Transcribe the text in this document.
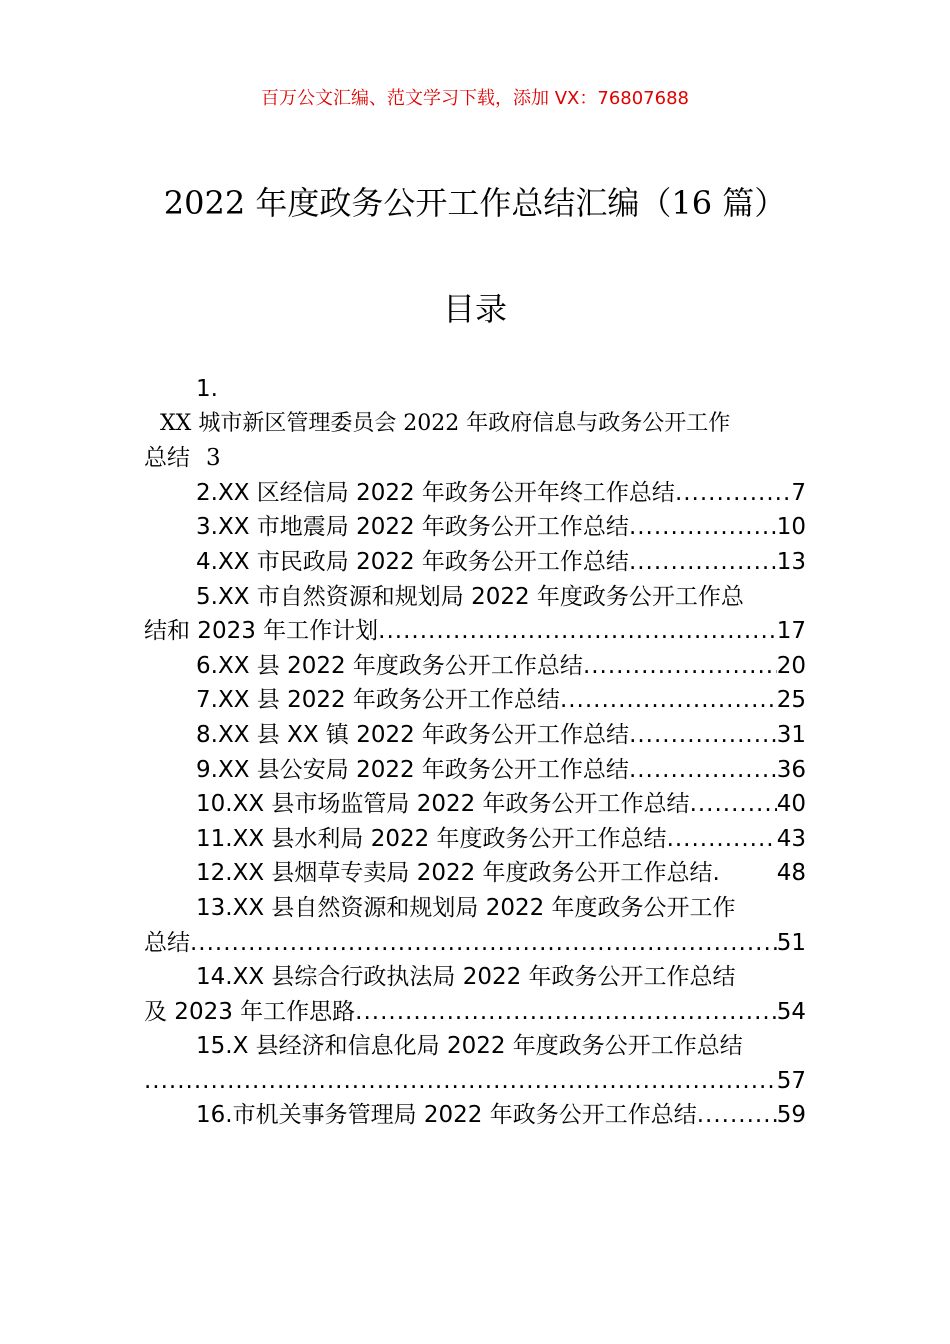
百万公文汇编、范文学习下载，添加 VX：76807688
2022 年度政务公开工作总结汇编（16 篇）
目录
1.
XX 城市新区管理委员会 2022 年政府信息与政务公开工作
总结 3
2.XX 区经信局 2022 年政务公开年终工作总结 .....	7
3.XX 市地震局 2022 年政务公开工作总结 .....	10
4.XX 市民政局 2022 年政务公开工作总结 .....	13
5.XX 市自然资源和规划局 2022 年度政务公开工作总
结和 2023 年工作计划 .....	17
6.XX 县 2022 年度政务公开工作总结 .....	20
7.XX 县 2022 年政务公开工作总结 .....	25
8.XX 县 XX 镇 2022 年政务公开工作总结 .....	31
9.XX 县公安局 2022 年政务公开工作总结 .....	36
10.XX 县市场监管局 2022 年政务公开工作总结 .....	40
11.XX 县水利局 2022 年度政务公开工作总结 .....	43
12.XX 县烟草专卖局 2022 年度政务公开工作总结. 48
13.XX 县自然资源和规划局 2022 年度政务公开工作
总结 .....	51
14.XX 县综合行政执法局 2022 年政务公开工作总结
及 2023 年工作思路 .....	54
15.X 县经济和信息化局 2022 年度政务公开工作总结
.....
57
16.市机关事务管理局 2022 年政务公开工作总结 .....	59
